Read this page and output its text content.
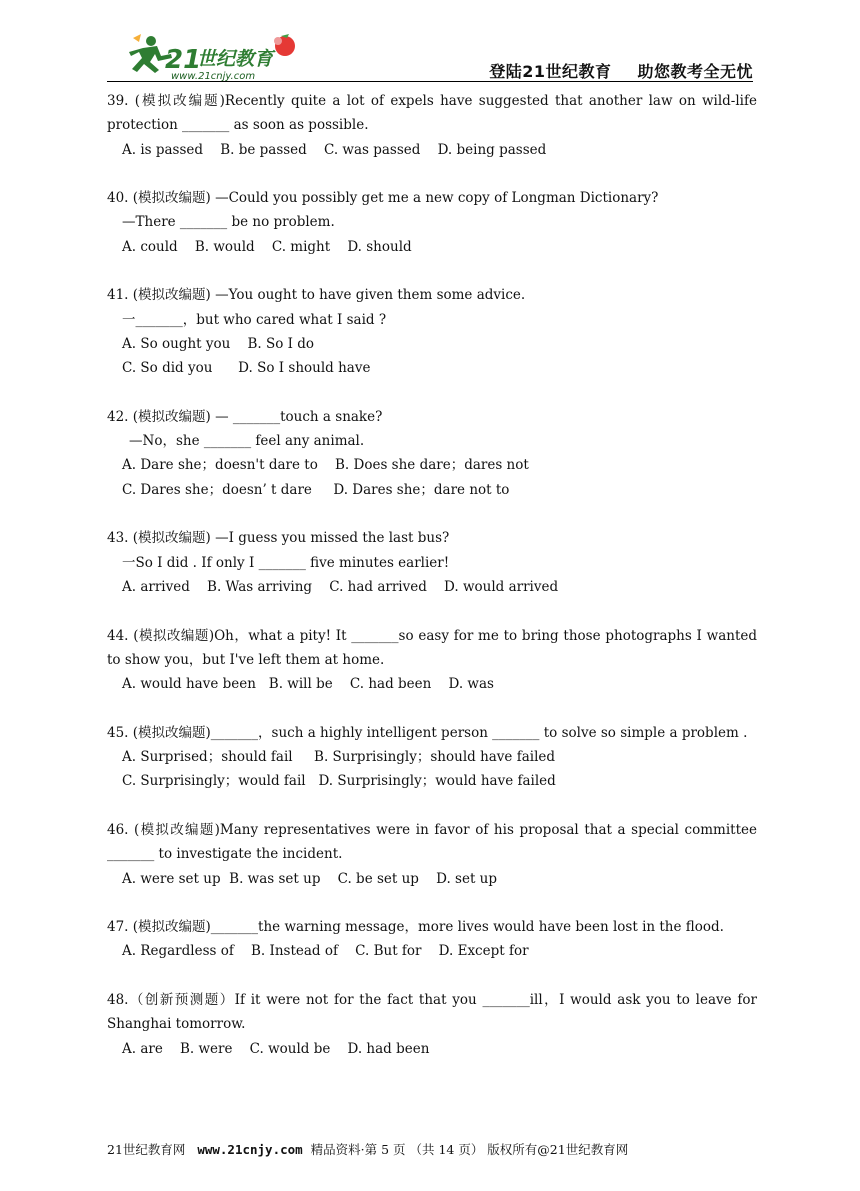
21
世纪教育
www.21cnjy.com	登陆21世纪教育 助您教考全无忧
39. (模拟改编题)Recently quite a lot of expels have suggested that another law on wild-life protection _______ as soon as possible.
A. is passed    B. be passed    C. was passed    D. being passed
40. (模拟改编题) —Could you possibly get me a new copy of Longman Dictionary?
—There _______ be no problem.
A. could    B. would    C. might    D. should
41. (模拟改编题) —You ought to have given them some advice.
一_______，but who cared what I said ?
A. So ought you    B. So I do
C. So did you      D. So I should have
42. (模拟改编题) — _______touch a snake?
—No，she _______ feel any animal.
A. Dare she；doesn't dare to    B. Does she dare；dares not
C. Dares she；doesn’ t dare     D. Dares she；dare not to
43. (模拟改编题) —I guess you missed the last bus?
一So I did . If only I _______ five minutes earlier!
A. arrived    B. Was arriving    C. had arrived    D. would arrived
44. (模拟改编题)Oh，what a pity! It _______so easy for me to bring those photographs I wanted to show you，but I've left them at home.
A. would have been   B. will be    C. had been    D. was
45. (模拟改编题)_______，such a highly intelligent person _______ to solve so simple a problem .
A. Surprised；should fail     B. Surprisingly；should have failed
C. Surprisingly；would fail   D. Surprisingly；would have failed
46. (模拟改编题)Many representatives were in favor of his proposal that a special committee _______ to investigate the incident.
A. were set up  B. was set up    C. be set up    D. set up
47. (模拟改编题)_______the warning message，more lives would have been lost in the flood.
A. Regardless of    B. Instead of    C. But for    D. Except for
48.（创新预测题）If it were not for the fact that you _______ill，I would ask you to leave for Shanghai tomorrow.
A. are    B. were    C. would be    D. had been
21世纪教育网   www.21cnjy.com  精品资料·第 5 页 （共 14 页） 版权所有@21世纪教育网
